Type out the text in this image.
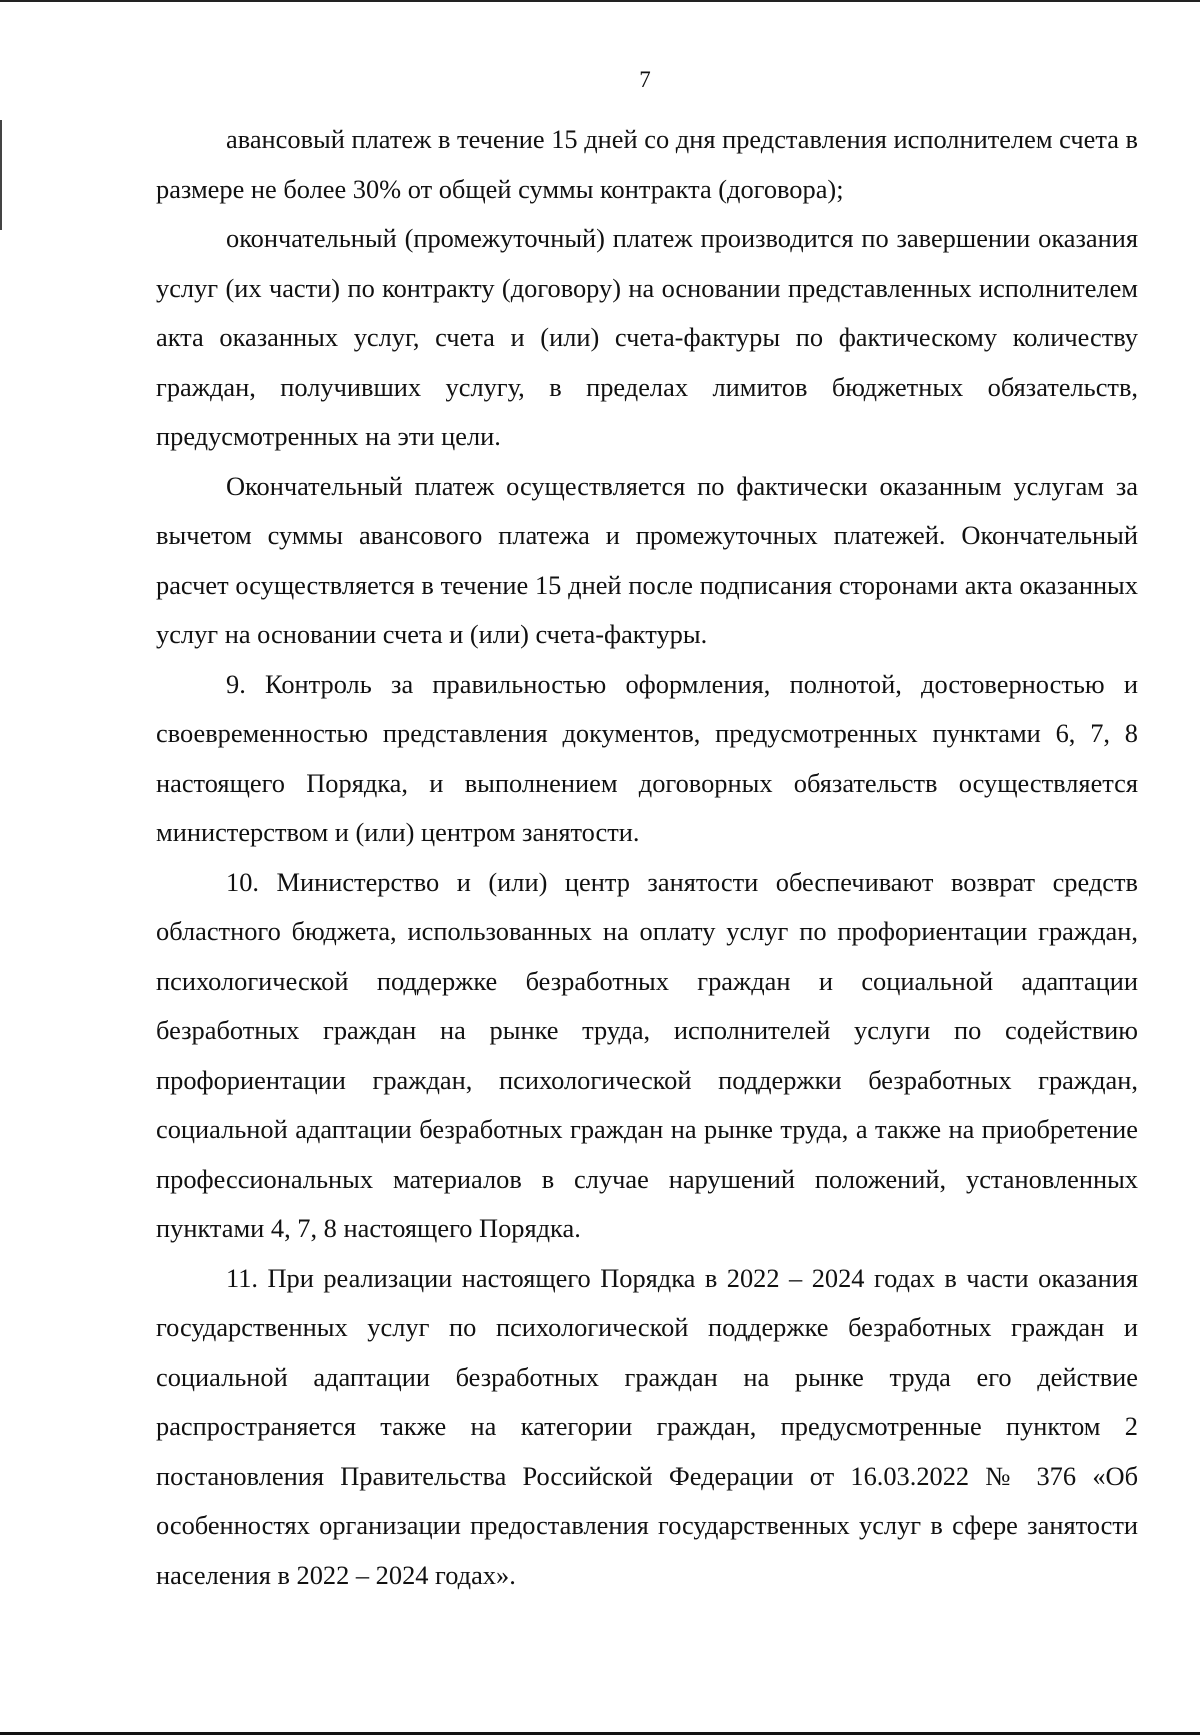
7

авансовый платеж в течение 15 дней со дня представления исполнителем счета в размере не более 30% от общей суммы контракта (договора);

окончательный (промежуточный) платеж производится по завершении оказания услуг (их части) по контракту (договору) на основании представленных исполнителем акта оказанных услуг, счета и (или) счета-фактуры по фактическому количеству граждан, получивших услугу, в пределах лимитов бюджетных обязательств, предусмотренных на эти цели.

Окончательный платеж осуществляется по фактически оказанным услугам за вычетом суммы авансового платежа и промежуточных платежей. Окончательный расчет осуществляется в течение 15 дней после подписания сторонами акта оказанных услуг на основании счета и (или) счета-фактуры.

9. Контроль за правильностью оформления, полнотой, достоверностью и своевременностью представления документов, предусмотренных пунктами 6, 7, 8 настоящего Порядка, и выполнением договорных обязательств осуществляется министерством и (или) центром занятости.

10. Министерство и (или) центр занятости обеспечивают возврат средств областного бюджета, использованных на оплату услуг по профориентации граждан, психологической поддержке безработных граждан и социальной адаптации безработных граждан на рынке труда, исполнителей услуги по содействию профориентации граждан, психологической поддержки безработных граждан, социальной адаптации безработных граждан на рынке труда, а также на приобретение профессиональных материалов в случае нарушений положений, установленных пунктами 4, 7, 8 настоящего Порядка.

11. При реализации настоящего Порядка в 2022 – 2024 годах в части оказания государственных услуг по психологической поддержке безработных граждан и социальной адаптации безработных граждан на рынке труда его действие распространяется также на категории граждан, предусмотренные пунктом 2 постановления Правительства Российской Федерации от 16.03.2022 № 376 «Об особенностях организации предоставления государственных услуг в сфере занятости населения в 2022 – 2024 годах».
